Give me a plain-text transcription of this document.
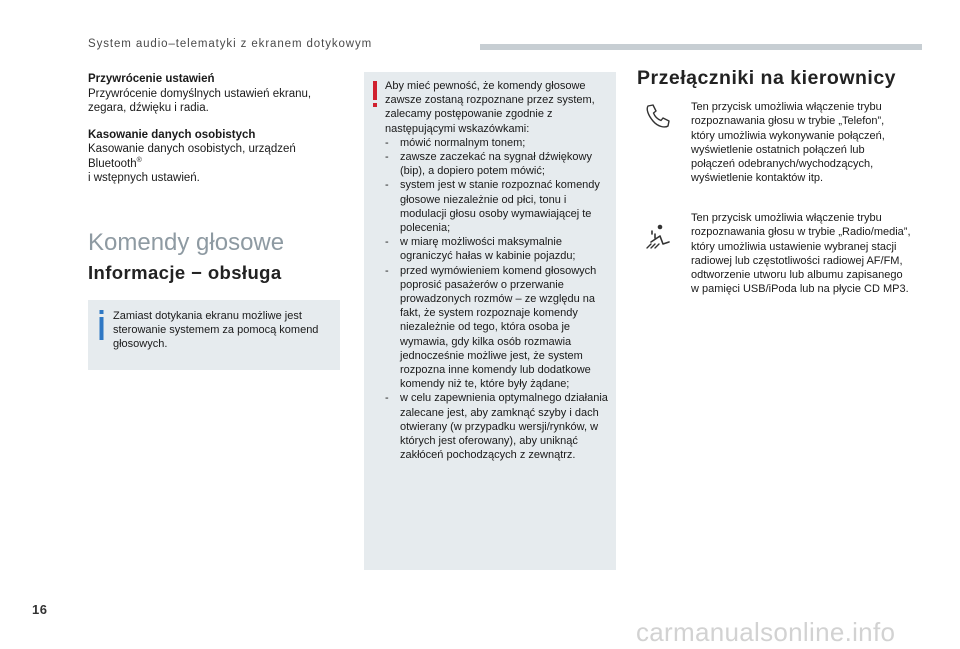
System audio–telematyki z ekranem dotykowym

Przywrócenie ustawień

Przywrócenie domyślnych ustawień ekranu, zegara, dźwięku i radia.

Kasowanie danych osobistych

Kasowanie danych osobistych, urządzeń Bluetooth®
i wstępnych ustawień.

Komendy głosowe
Informacje − obsługa
Zamiast dotykania ekranu możliwe jest sterowanie systemem za pomocą komend głosowych.
Aby mieć pewność, że komendy głosowe zawsze zostaną rozpoznane przez system, zalecamy postępowanie zgodnie z następującymi wskazówkami:
- mówić normalnym tonem;
- zawsze zaczekać na sygnał dźwiękowy (bip), a dopiero potem mówić;
- system jest w stanie rozpoznać komendy głosowe niezależnie od płci, tonu i modulacji głosu osoby wymawiającej te polecenia;
- w miarę możliwości maksymalnie ograniczyć hałas w kabinie pojazdu;
- przed wymówieniem komend głosowych poprosić pasażerów o przerwanie prowadzonych rozmów – ze względu na fakt, że system rozpoznaje komendy niezależnie od tego, która osoba je wymawia, gdy kilka osób rozmawia jednocześnie możliwe jest, że system rozpozna inne komendy lub dodatkowe komendy niż te, które były żądane;
- w celu zapewnienia optymalnego działania zalecane jest, aby zamknąć szyby i dach otwierany (w przypadku wersji/rynków, w których jest oferowany), aby uniknąć zakłóceń pochodzących z zewnątrz.
Przełączniki na kierownicy
Ten przycisk umożliwia włączenie trybu rozpoznawania głosu w trybie „Telefon”, który umożliwia wykonywanie połączeń, wyświetlenie ostatnich połączeń lub połączeń odebranych/wychodzących, wyświetlenie kontaktów itp.
Ten przycisk umożliwia włączenie trybu rozpoznawania głosu w trybie „Radio/media”, który umożliwia ustawienie wybranej stacji radiowej lub częstotliwości radiowej AF/FM, odtworzenie utworu lub albumu zapisanego w pamięci USB/iPoda lub na płycie CD MP3.
16
carmanualsonline.info
